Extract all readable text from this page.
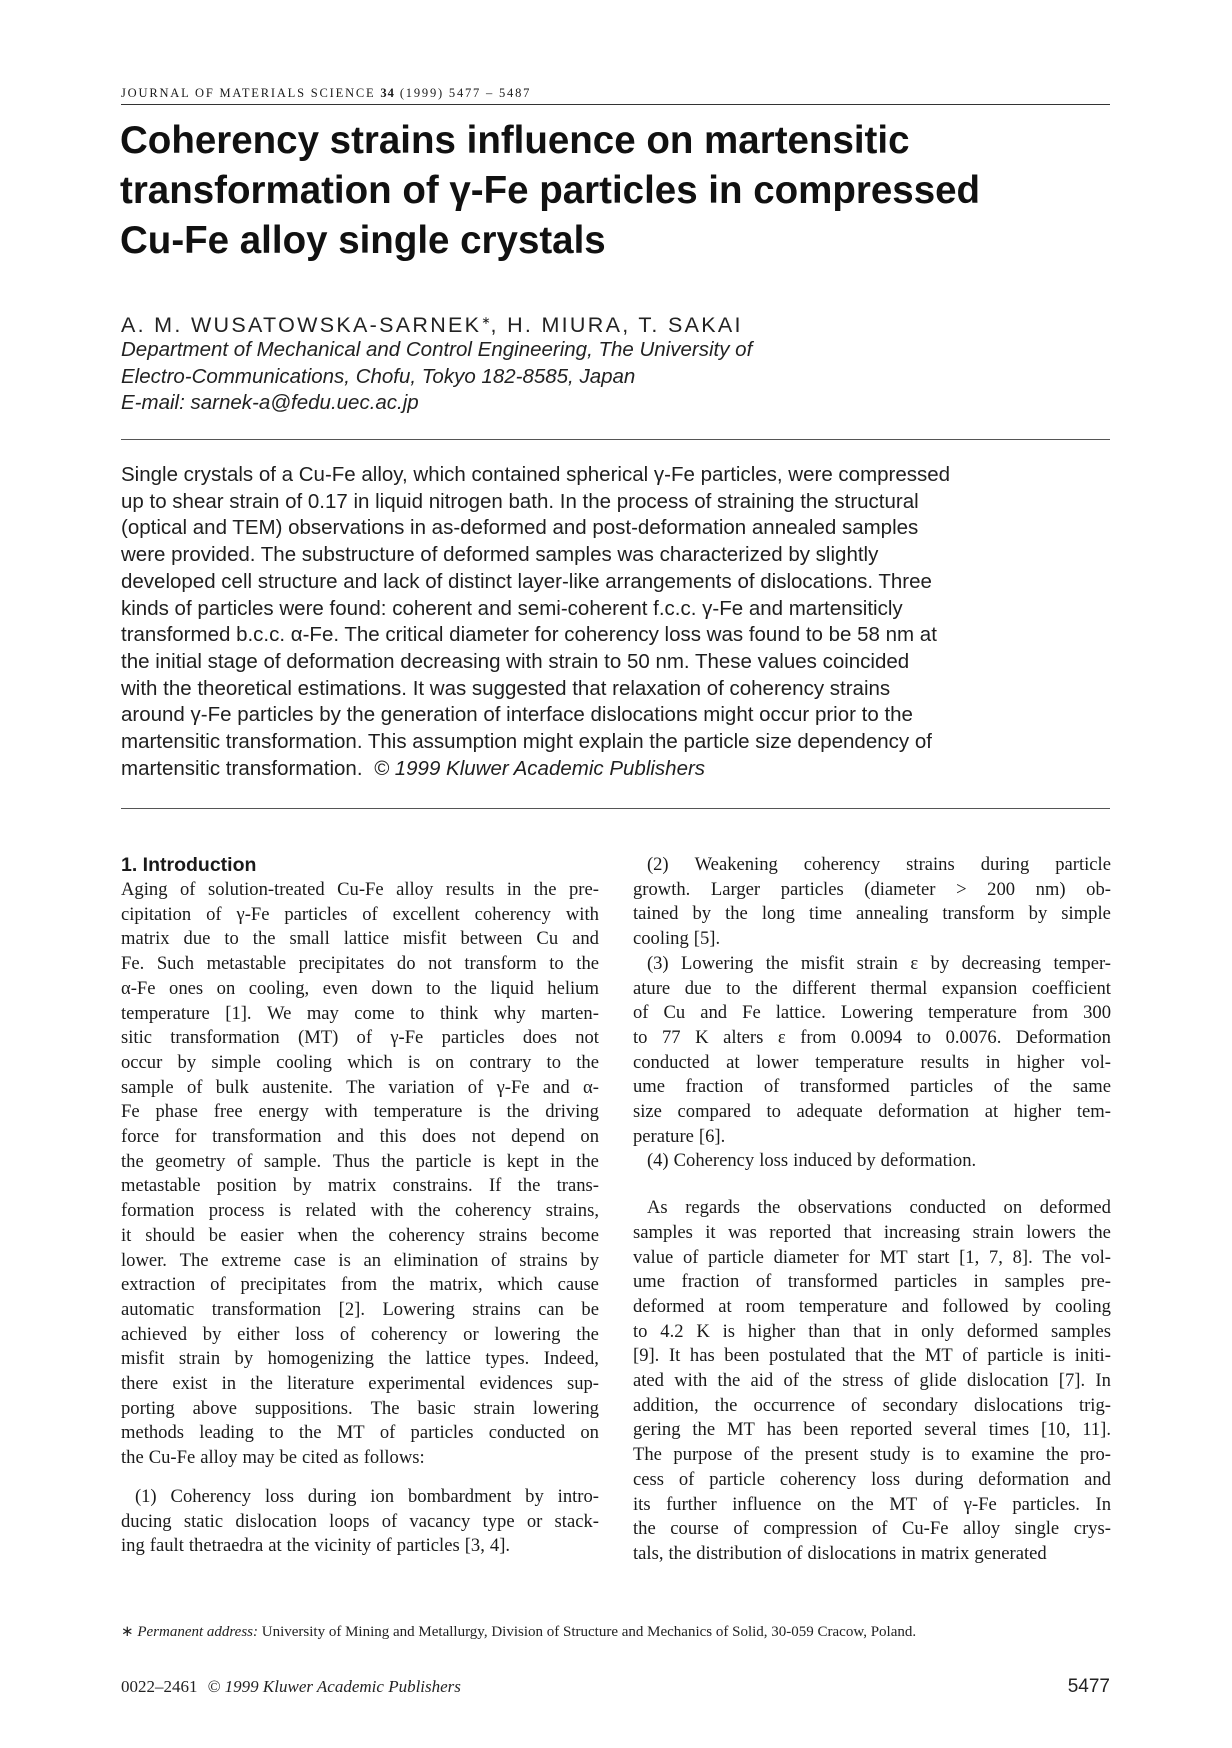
JOURNAL OF MATERIALS SCIENCE 34 (1999) 5477 – 5487
Coherency strains influence on martensitic
transformation of γ-Fe particles in compressed
Cu-Fe alloy single crystals
A. M. WUSATOWSKA-SARNEK∗, H. MIURA, T. SAKAI
Department of Mechanical and Control Engineering, The University of
Electro-Communications, Chofu, Tokyo 182-8585, Japan
E-mail: sarnek-a@fedu.uec.ac.jp
Single crystals of a Cu-Fe alloy, which contained spherical γ-Fe particles, were compressed
up to shear strain of 0.17 in liquid nitrogen bath. In the process of straining the structural
(optical and TEM) observations in as-deformed and post-deformation annealed samples
were provided. The substructure of deformed samples was characterized by slightly
developed cell structure and lack of distinct layer-like arrangements of dislocations. Three
kinds of particles were found: coherent and semi-coherent f.c.c. γ-Fe and martensiticly
transformed b.c.c. α-Fe. The critical diameter for coherency loss was found to be 58 nm at
the initial stage of deformation decreasing with strain to 50 nm. These values coincided
with the theoretical estimations. It was suggested that relaxation of coherency strains
around γ-Fe particles by the generation of interface dislocations might occur prior to the
martensitic transformation. This assumption might explain the particle size dependency of
martensitic transformation. © 1999 Kluwer Academic Publishers
1. Introduction
Aging of solution-treated Cu-Fe alloy results in the pre-
cipitation of γ-Fe particles of excellent coherency with
matrix due to the small lattice misfit between Cu and
Fe. Such metastable precipitates do not transform to the
α-Fe ones on cooling, even down to the liquid helium
temperature [1]. We may come to think why marten-
sitic transformation (MT) of γ-Fe particles does not
occur by simple cooling which is on contrary to the
sample of bulk austenite. The variation of γ-Fe and α-
Fe phase free energy with temperature is the driving
force for transformation and this does not depend on
the geometry of sample. Thus the particle is kept in the
metastable position by matrix constrains. If the trans-
formation process is related with the coherency strains,
it should be easier when the coherency strains become
lower. The extreme case is an elimination of strains by
extraction of precipitates from the matrix, which cause
automatic transformation [2]. Lowering strains can be
achieved by either loss of coherency or lowering the
misfit strain by homogenizing the lattice types. Indeed,
there exist in the literature experimental evidences sup-
porting above suppositions. The basic strain lowering
methods leading to the MT of particles conducted on
the Cu-Fe alloy may be cited as follows:
(1) Coherency loss during ion bombardment by intro-
ducing static dislocation loops of vacancy type or stack-
ing fault thetraedra at the vicinity of particles [3, 4].
(2) Weakening coherency strains during particle
growth. Larger particles (diameter > 200 nm) ob-
tained by the long time annealing transform by simple
cooling [5].
(3) Lowering the misfit strain ε by decreasing temper-
ature due to the different thermal expansion coefficient
of Cu and Fe lattice. Lowering temperature from 300
to 77 K alters ε from 0.0094 to 0.0076. Deformation
conducted at lower temperature results in higher vol-
ume fraction of transformed particles of the same
size compared to adequate deformation at higher tem-
perature [6].
(4) Coherency loss induced by deformation.
As regards the observations conducted on deformed
samples it was reported that increasing strain lowers the
value of particle diameter for MT start [1, 7, 8]. The vol-
ume fraction of transformed particles in samples pre-
deformed at room temperature and followed by cooling
to 4.2 K is higher than that in only deformed samples
[9]. It has been postulated that the MT of particle is initi-
ated with the aid of the stress of glide dislocation [7]. In
addition, the occurrence of secondary dislocations trig-
gering the MT has been reported several times [10, 11].
The purpose of the present study is to examine the pro-
cess of particle coherency loss during deformation and
its further influence on the MT of γ-Fe particles. In
the course of compression of Cu-Fe alloy single crys-
tals, the distribution of dislocations in matrix generated
∗ Permanent address: University of Mining and Metallurgy, Division of Structure and Mechanics of Solid, 30-059 Cracow, Poland.
0022–2461 © 1999 Kluwer Academic Publishers	5477
